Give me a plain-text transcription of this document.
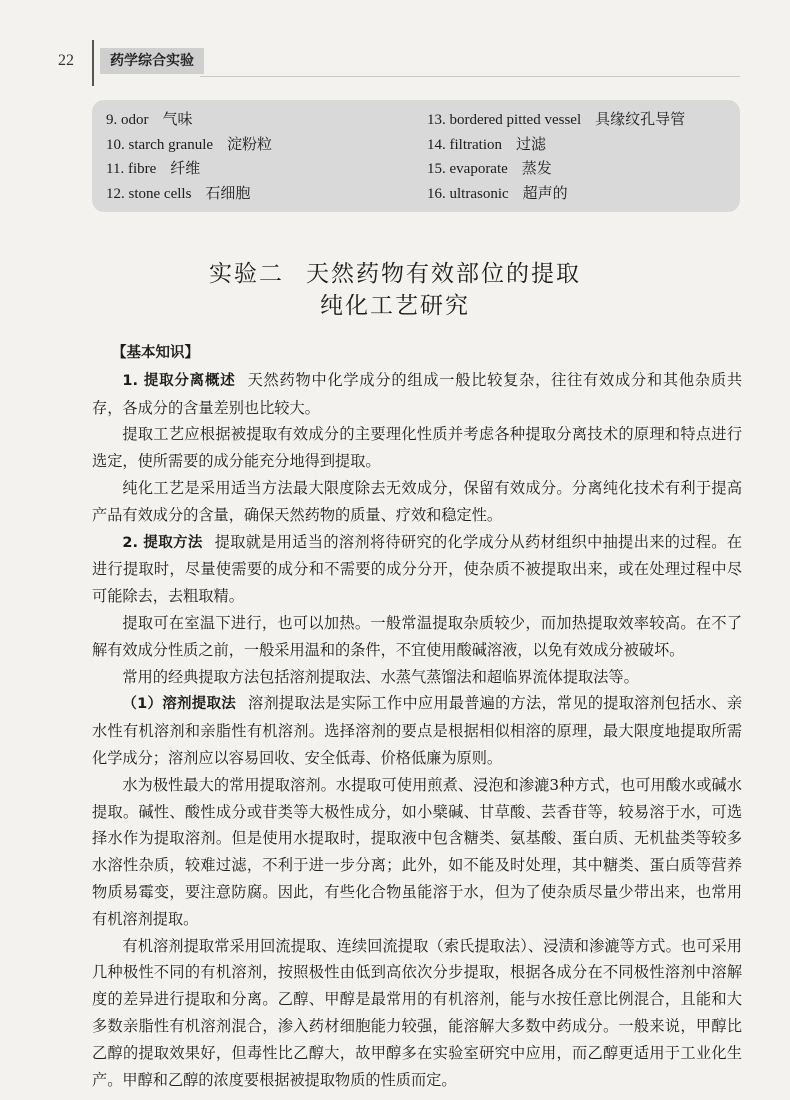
22	药学综合实验
9. odor 气味
10. starch granule 淀粉粒
11. fibre 纤维
12. stone cells 石细胞
13. bordered pitted vessel 具缘纹孔导管
14. filtration 过滤
15. evaporate 蒸发
16. ultrasonic 超声的
实验二 天然药物有效部位的提取
纯化工艺研究

【基本知识】

1. 提取分离概述 天然药物中化学成分的组成一般比较复杂，往往有效成分和其他杂质共存，各成分的含量差别也比较大。

提取工艺应根据被提取有效成分的主要理化性质并考虑各种提取分离技术的原理和特点进行选定，使所需要的成分能充分地得到提取。

纯化工艺是采用适当方法最大限度除去无效成分，保留有效成分。分离纯化技术有利于提高产品有效成分的含量，确保天然药物的质量、疗效和稳定性。

2. 提取方法 提取就是用适当的溶剂将待研究的化学成分从药材组织中抽提出来的过程。在进行提取时，尽量使需要的成分和不需要的成分分开，使杂质不被提取出来，或在处理过程中尽可能除去，去粗取精。

提取可在室温下进行，也可以加热。一般常温提取杂质较少，而加热提取效率较高。在不了解有效成分性质之前，一般采用温和的条件，不宜使用酸碱溶液，以免有效成分被破坏。

常用的经典提取方法包括溶剂提取法、水蒸气蒸馏法和超临界流体提取法等。

（1）溶剂提取法 溶剂提取法是实际工作中应用最普遍的方法，常见的提取溶剂包括水、亲水性有机溶剂和亲脂性有机溶剂。选择溶剂的要点是根据相似相溶的原理，最大限度地提取所需化学成分；溶剂应以容易回收、安全低毒、价格低廉为原则。

水为极性最大的常用提取溶剂。水提取可使用煎煮、浸泡和渗漉3种方式，也可用酸水或碱水提取。碱性、酸性成分或苷类等大极性成分，如小檗碱、甘草酸、芸香苷等，较易溶于水，可选择水作为提取溶剂。但是使用水提取时，提取液中包含糖类、氨基酸、蛋白质、无机盐类等较多水溶性杂质，较难过滤，不利于进一步分离；此外，如不能及时处理，其中糖类、蛋白质等营养物质易霉变，要注意防腐。因此，有些化合物虽能溶于水，但为了使杂质尽量少带出来，也常用有机溶剂提取。

有机溶剂提取常采用回流提取、连续回流提取（索氏提取法）、浸渍和渗漉等方式。也可采用几种极性不同的有机溶剂，按照极性由低到高依次分步提取，根据各成分在不同极性溶剂中溶解度的差异进行提取和分离。乙醇、甲醇是最常用的有机溶剂，能与水按任意比例混合，且能和大多数亲脂性有机溶剂混合，渗入药材细胞能力较强，能溶解大多数中药成分。一般来说，甲醇比乙醇的提取效果好，但毒性比乙醇大，故甲醇多在实验室研究中应用，而乙醇更适用于工业化生产。甲醇和乙醇的浓度要根据被提取物质的性质而定。
